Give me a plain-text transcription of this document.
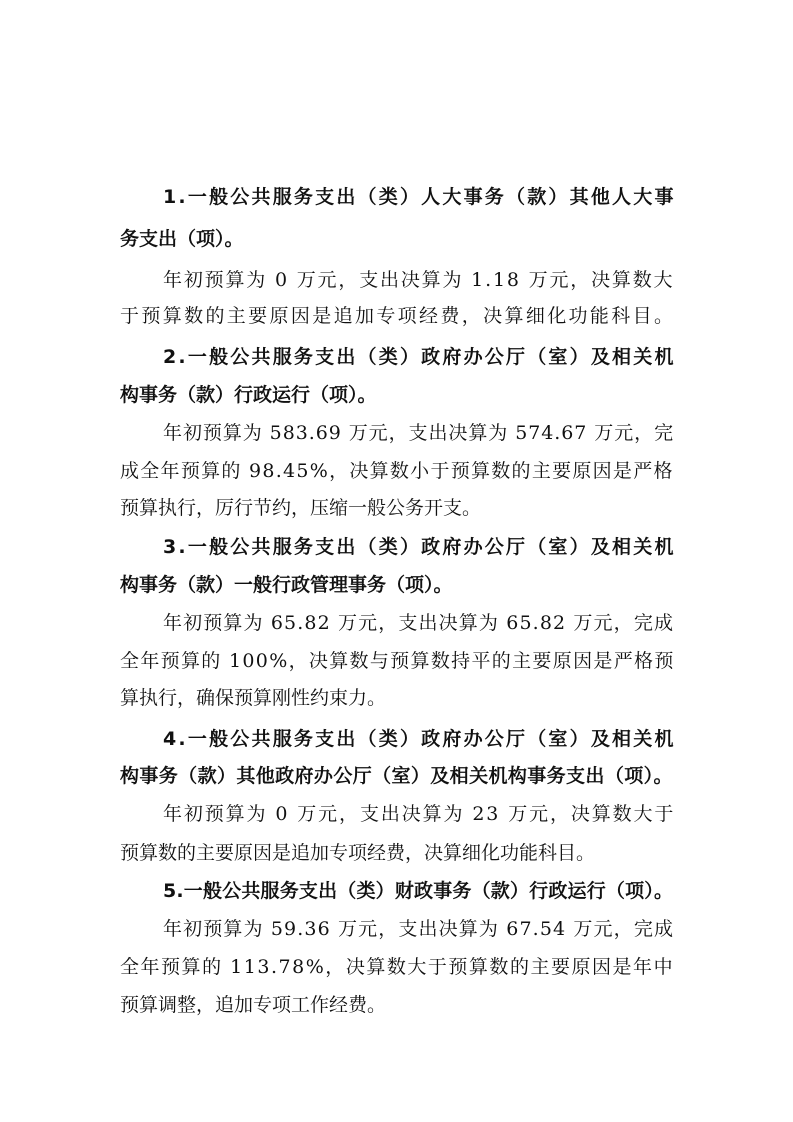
1.一般公共服务支出（类）人大事务（款）其他人大事
务支出（项）。
年初预算为 0 万元，支出决算为 1.18 万元，决算数大
于预算数的主要原因是追加专项经费，决算细化功能科目。
2.一般公共服务支出（类）政府办公厅（室）及相关机
构事务（款）行政运行（项）。
年初预算为 583.69 万元，支出决算为 574.67 万元，完
成全年预算的 98.45%，决算数小于预算数的主要原因是严格
预算执行，厉行节约，压缩一般公务开支。
3.一般公共服务支出（类）政府办公厅（室）及相关机
构事务（款）一般行政管理事务（项）。
年初预算为 65.82 万元，支出决算为 65.82 万元，完成
全年预算的 100%，决算数与预算数持平的主要原因是严格预
算执行，确保预算刚性约束力。
4.一般公共服务支出（类）政府办公厅（室）及相关机
构事务（款）其他政府办公厅（室）及相关机构事务支出（项）。
年初预算为 0 万元，支出决算为 23 万元，决算数大于
预算数的主要原因是追加专项经费，决算细化功能科目。
5.一般公共服务支出（类）财政事务（款）行政运行（项）。
年初预算为 59.36 万元，支出决算为 67.54 万元，完成
全年预算的 113.78%，决算数大于预算数的主要原因是年中
预算调整，追加专项工作经费。
